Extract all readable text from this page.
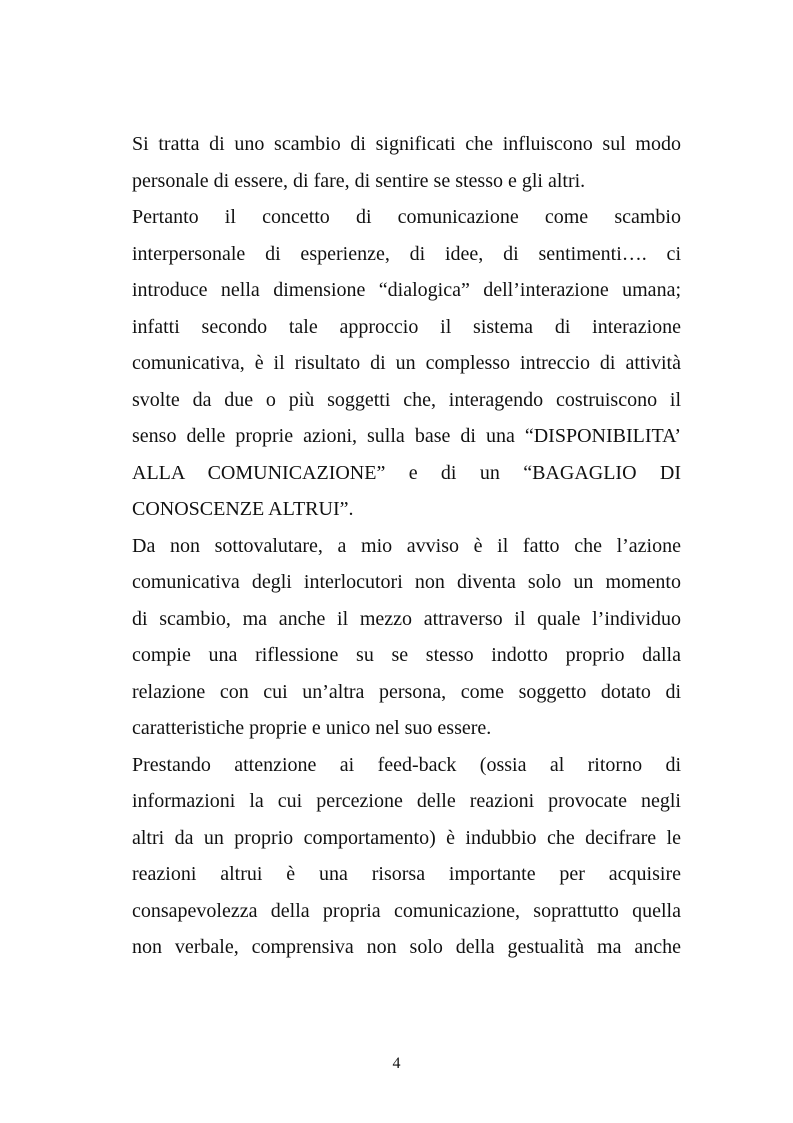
Si tratta di uno scambio di significati che influiscono sul modo
personale di essere, di fare, di sentire se stesso e gli altri.
Pertanto il concetto di comunicazione come scambio
interpersonale di esperienze, di idee, di sentimenti…. ci
introduce nella dimensione “dialogica” dell’interazione umana;
infatti secondo tale approccio il sistema di interazione
comunicativa, è il risultato di un complesso intreccio di attività
svolte da due o più soggetti che, interagendo costruiscono il
senso delle proprie azioni, sulla base di una “DISPONIBILITA’
ALLA COMUNICAZIONE” e di un “BAGAGLIO DI
CONOSCENZE ALTRUI”.
Da non sottovalutare, a mio avviso è il fatto che l’azione
comunicativa degli interlocutori non diventa solo un momento
di scambio, ma anche il mezzo attraverso il quale l’individuo
compie una riflessione su se stesso indotto proprio dalla
relazione con cui un’altra persona, come soggetto dotato di
caratteristiche proprie e unico nel suo essere.
Prestando attenzione ai feed-back (ossia al ritorno di
informazioni la cui percezione delle reazioni provocate negli
altri da un proprio comportamento) è indubbio che decifrare le
reazioni altrui è una risorsa importante per acquisire
consapevolezza della propria comunicazione, soprattutto quella
non verbale, comprensiva non solo della gestualità ma anche
4
